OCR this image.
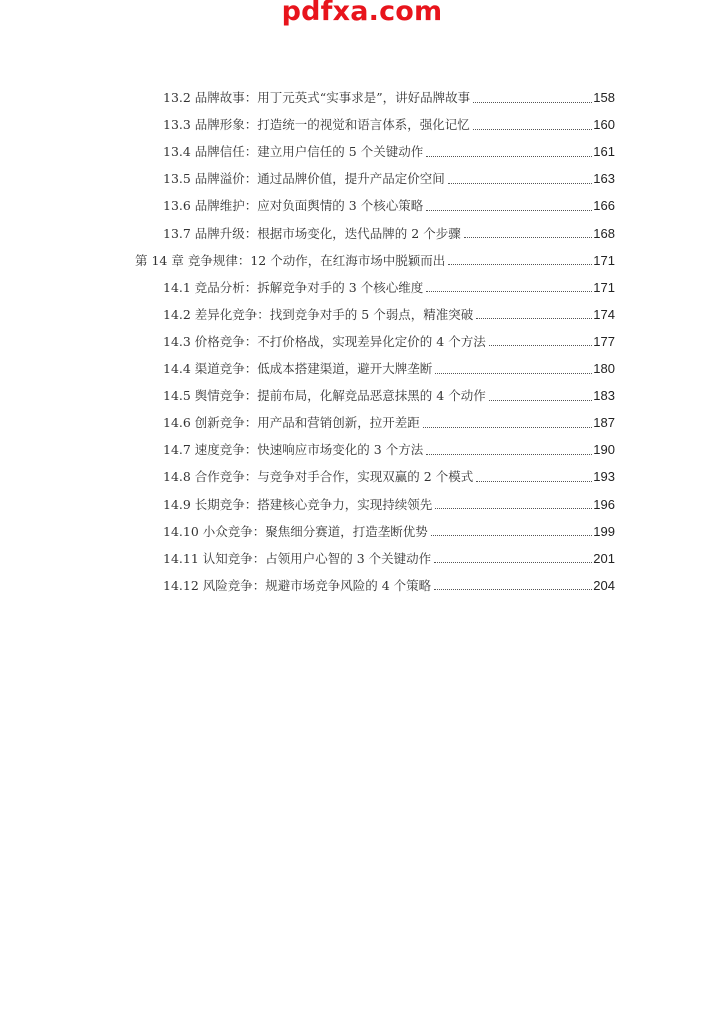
pdfxa.com
13.2 品牌故事：用丁元英式“实事求是”，讲好品牌故事	158
13.3 品牌形象：打造统一的视觉和语言体系，强化记忆	160
13.4 品牌信任：建立用户信任的 5 个关键动作	161
13.5 品牌溢价：通过品牌价值，提升产品定价空间	163
13.6 品牌维护：应对负面舆情的 3 个核心策略	166
13.7 品牌升级：根据市场变化，迭代品牌的 2 个步骤	168
第 14 章 竞争规律：12 个动作，在红海市场中脱颖而出	171
14.1 竞品分析：拆解竞争对手的 3 个核心维度	171
14.2 差异化竞争：找到竞争对手的 5 个弱点，精准突破	174
14.3 价格竞争：不打价格战，实现差异化定价的 4 个方法	177
14.4 渠道竞争：低成本搭建渠道，避开大牌垄断	180
14.5 舆情竞争：提前布局，化解竞品恶意抹黑的 4 个动作	183
14.6 创新竞争：用产品和营销创新，拉开差距	187
14.7 速度竞争：快速响应市场变化的 3 个方法	190
14.8 合作竞争：与竞争对手合作，实现双赢的 2 个模式	193
14.9 长期竞争：搭建核心竞争力，实现持续领先	196
14.10 小众竞争：聚焦细分赛道，打造垄断优势	199
14.11 认知竞争：占领用户心智的 3 个关键动作	201
14.12 风险竞争：规避市场竞争风险的 4 个策略	204
